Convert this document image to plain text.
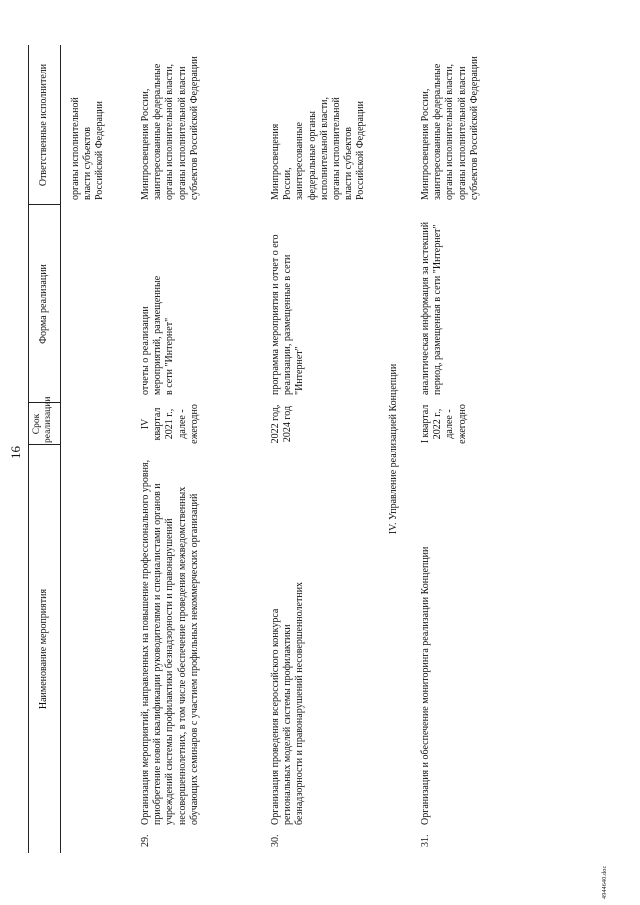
16
4944640.doc
Наименование мероприятия
Срок реализации
Форма реализации
Ответственные исполнители органы исполнительной власти субъектов Российской Федерации
29.
Организация мероприятий, направленных на повышение профессионального уровня, приобретение новой квалификации руководителями и специалистами органов и учреждений системы профилактики безнадзорности и правонарушений несовершеннолетних, в том числе обеспечение проведения межведомственных обучающих семинаров с участием профильных некоммерческих организаций
IV квартал 2021 г., далее - ежегодно
отчеты о реализации мероприятий, размещенные в сети "Интернет"
Минпросвещения России, заинтересованные федеральные органы исполнительной власти, органы исполнительной власти субъектов Российской Федерации
30.
Организация проведения всероссийского конкурса региональных моделей системы профилактики безнадзорности и правонарушений несовершеннолетних
2022 год, 2024 год
программа мероприятия и отчет о его реализации, размещенные в сети "Интернет"
Минпросвещения России, заинтересованные федеральные органы исполнительной власти, органы исполнительной власти субъектов Российской Федерации
IV. Управление реализацией Концепции
31.
Организация и обеспечение мониторинга реализации Концепции
I квартал 2022 г., далее - ежегодно
аналитическая информация за истекший период, размещенная в сети "Интернет"
Минпросвещения России, заинтересованные федеральные органы исполнительной власти, органы исполнительной власти субъектов Российской Федерации
